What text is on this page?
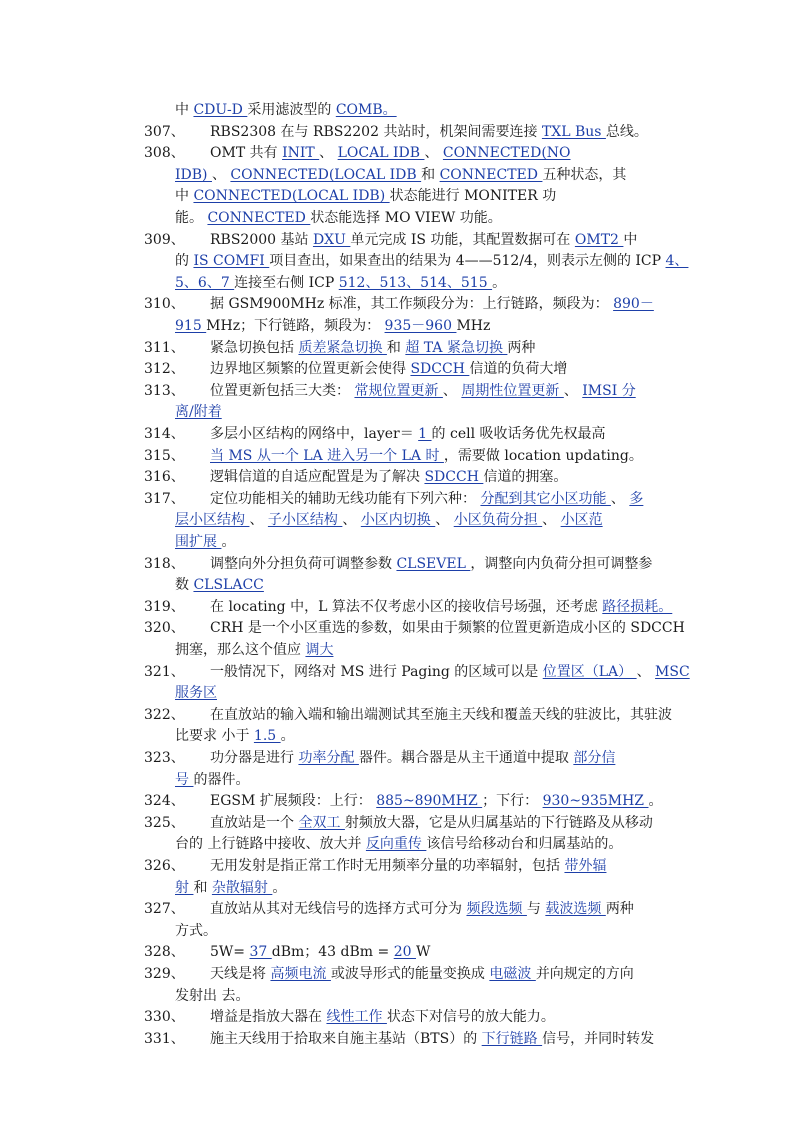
中 CDU-D 采用滤波型的 COMB。
307、 RBS2308 在与 RBS2202 共站时，机架间需要连接 TXL Bus 总线。
308、 OMT 共有 INIT 、 LOCAL IDB 、 CONNECTED(NO
IDB) 、 CONNECTED(LOCAL IDB 和 CONNECTED 五种状态，其
中 CONNECTED(LOCAL IDB) 状态能进行 MONITER 功
能。 CONNECTED 状态能选择 MO VIEW 功能。
309、 RBS2000 基站 DXU 单元完成 IS 功能，其配置数据可在 OMT2 中
的 IS COMFI 项目查出，如果查出的结果为 4——512/4，则表示左侧的 ICP 4、
5、6、7 连接至右侧 ICP 512、513、514、515 。
310、 据 GSM900MHz 标准，其工作频段分为：上行链路，频段为： 890－
915 MHz；下行链路，频段为： 935－960 MHz
311、 紧急切换包括 质差紧急切换 和 超 TA 紧急切换 两种
312、 边界地区频繁的位置更新会使得 SDCCH 信道的负荷大增
313、 位置更新包括三大类： 常规位置更新 、 周期性位置更新 、 IMSI 分
离/附着
314、 多层小区结构的网络中，layer＝ 1 的 cell 吸收话务优先权最高
315、 当 MS 从一个 LA 进入另一个 LA 时 ，需要做 location updating。
316、 逻辑信道的自适应配置是为了解决 SDCCH 信道的拥塞。
317、 定位功能相关的辅助无线功能有下列六种： 分配到其它小区功能 、 多
层小区结构 、 子小区结构 、 小区内切换 、 小区负荷分担 、 小区范
围扩展 。
318、 调整向外分担负荷可调整参数 CLSEVEL ，调整向内负荷分担可调整参
数 CLSLACC
319、 在 locating 中，L 算法不仅考虑小区的接收信号场强，还考虑 路径损耗。
320、 CRH 是一个小区重选的参数，如果由于频繁的位置更新造成小区的 SDCCH
拥塞，那么这个值应 调大
321、 一般情况下，网络对 MS 进行 Paging 的区域可以是 位置区（LA） 、 MSC
服务区
322、 在直放站的输入端和输出端测试其至施主天线和覆盖天线的驻波比，其驻波
比要求 小于 1.5 。
323、 功分器是进行 功率分配 器件。耦合器是从主干通道中提取 部分信
号 的器件。
324、 EGSM 扩展频段：上行： 885~890MHZ ；下行： 930~935MHZ 。
325、 直放站是一个 全双工 射频放大器，它是从归属基站的下行链路及从移动
台的 上行链路中接收、放大并 反向重传 该信号给移动台和归属基站的。
326、 无用发射是指正常工作时无用频率分量的功率辐射，包括 带外辐
射 和 杂散辐射 。
327、 直放站从其对无线信号的选择方式可分为 频段选频 与 载波选频 两种
方式。
328、 5W= 37 dBm；43 dBm = 20 W
329、 天线是将 高频电流 或波导形式的能量变换成 电磁波 并向规定的方向
发射出 去。
330、 增益是指放大器在 线性工作 状态下对信号的放大能力。
331、 施主天线用于拾取来自施主基站（BTS）的 下行链路 信号，并同时转发
